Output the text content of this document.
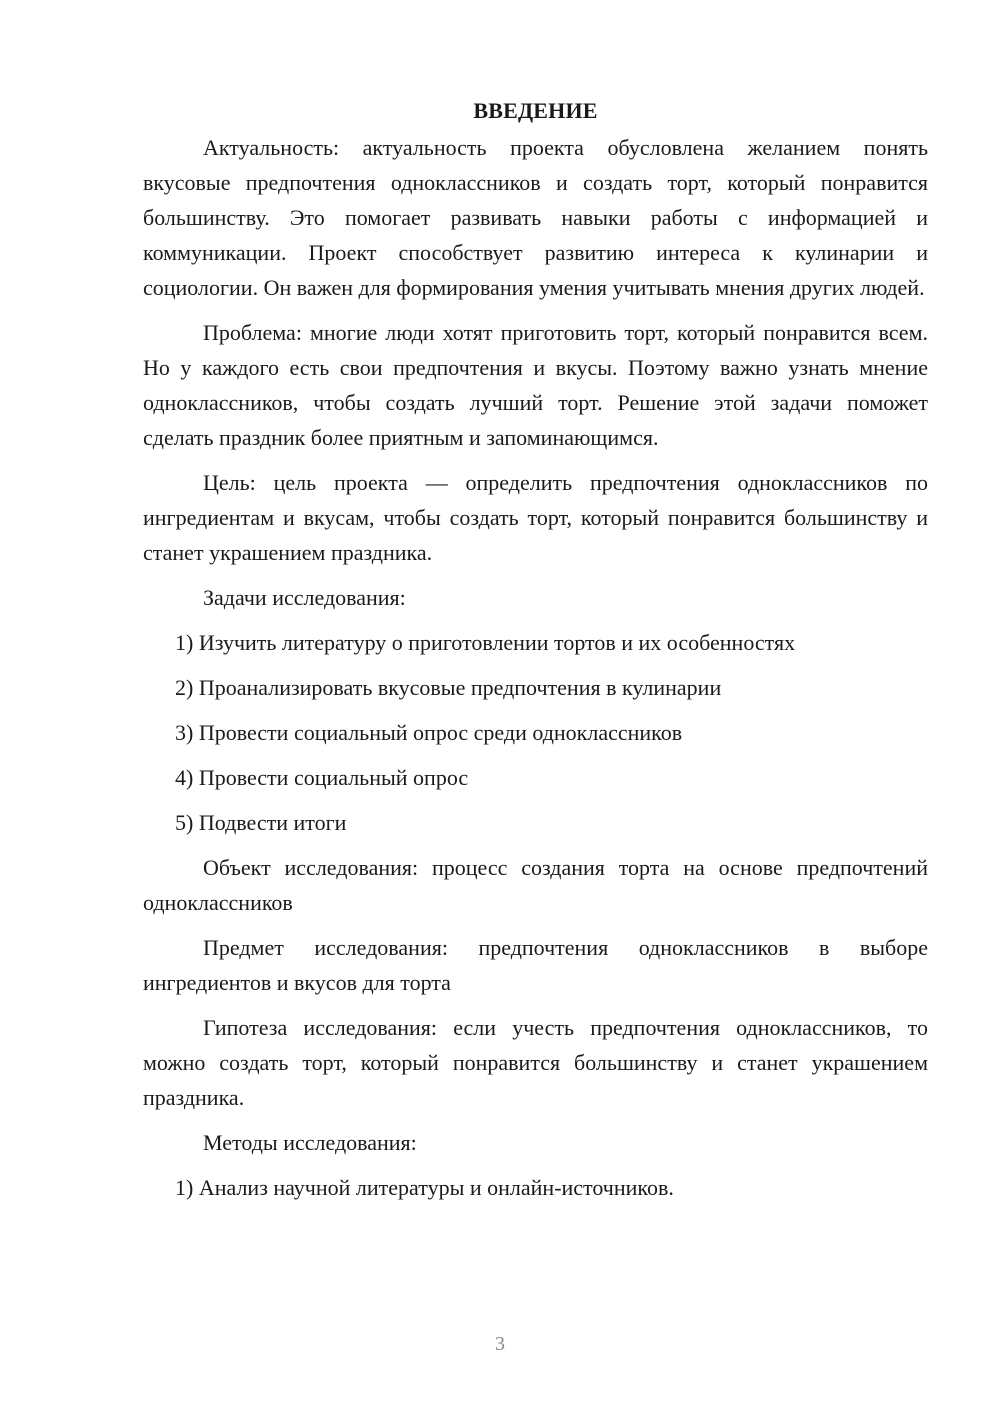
ВВЕДЕНИЕ

Актуальность: актуальность проекта обусловлена желанием понять вкусовые предпочтения одноклассников и создать торт, который понравится большинству. Это помогает развивать навыки работы с информацией и коммуникации. Проект способствует развитию интереса к кулинарии и социологии. Он важен для формирования умения учитывать мнения других людей.

Проблема: многие люди хотят приготовить торт, который понравится всем. Но у каждого есть свои предпочтения и вкусы. Поэтому важно узнать мнение одноклассников, чтобы создать лучший торт. Решение этой задачи поможет сделать праздник более приятным и запоминающимся.

Цель: цель проекта — определить предпочтения одноклассников по ингредиентам и вкусам, чтобы создать торт, который понравится большинству и станет украшением праздника.

Задачи исследования:

1) Изучить литературу о приготовлении тортов и их особенностях
2) Проанализировать вкусовые предпочтения в кулинарии
3) Провести социальный опрос среди одноклассников
4) Провести социальный опрос
5) Подвести итоги

Объект исследования: процесс создания торта на основе предпочтений одноклассников

Предмет исследования: предпочтения одноклассников в выборе ингредиентов и вкусов для торта

Гипотеза исследования: если учесть предпочтения одноклассников, то можно создать торт, который понравится большинству и станет украшением праздника.

Методы исследования:

1) Анализ научной литературы и онлайн-источников.
3
